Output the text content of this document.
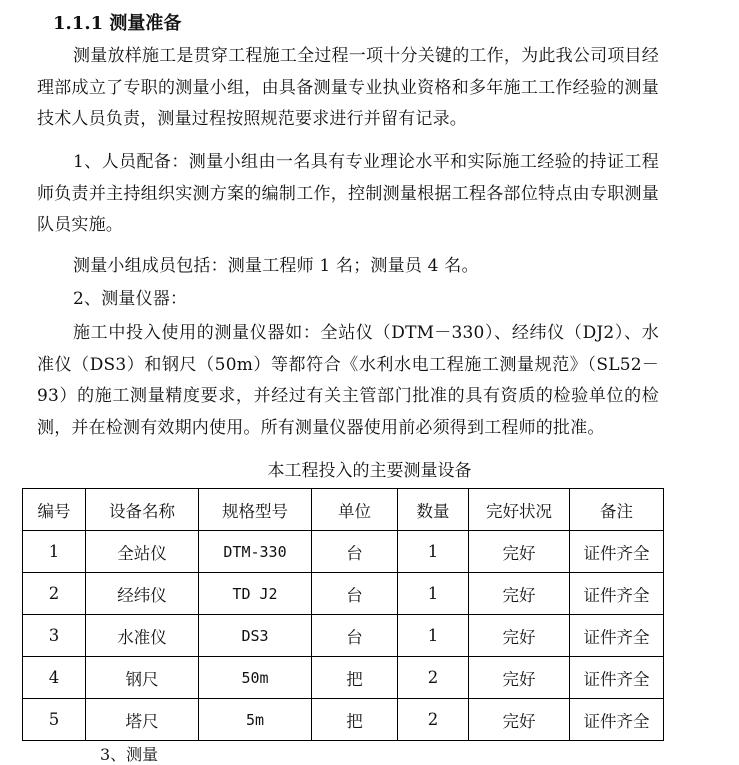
1.1.1 测量准备
测量放样施工是贯穿工程施工全过程一项十分关键的工作，为此我公司项目经理部成立了专职的测量小组，由具备测量专业执业资格和多年施工工作经验的测量技术人员负责，测量过程按照规范要求进行并留有记录。
1、人员配备：测量小组由一名具有专业理论水平和实际施工经验的持证工程师负责并主持组织实测方案的编制工作，控制测量根据工程各部位特点由专职测量队员实施。
测量小组成员包括：测量工程师 1 名；测量员 4 名。
2、测量仪器：
施工中投入使用的测量仪器如：全站仪（DTM－330）、经纬仪（DJ2）、水准仪（DS3）和钢尺（50m）等都符合《水利水电工程施工测量规范》（SL52－93）的施工测量精度要求，并经过有关主管部门批准的具有资质的检验单位的检测，并在检测有效期内使用。所有测量仪器使用前必须得到工程师的批准。
本工程投入的主要测量设备
编号	设备名称	规格型号	单位	数量	完好状况	备注
1	全站仪	DTM-330	台	1	完好	证件齐全
2	经纬仪	TD J2	台	1	完好	证件齐全
3	水准仪	DS3	台	1	完好	证件齐全
4	钢尺	50m	把	2	完好	证件齐全
5	塔尺	5m	把	2	完好	证件齐全
3、测量
